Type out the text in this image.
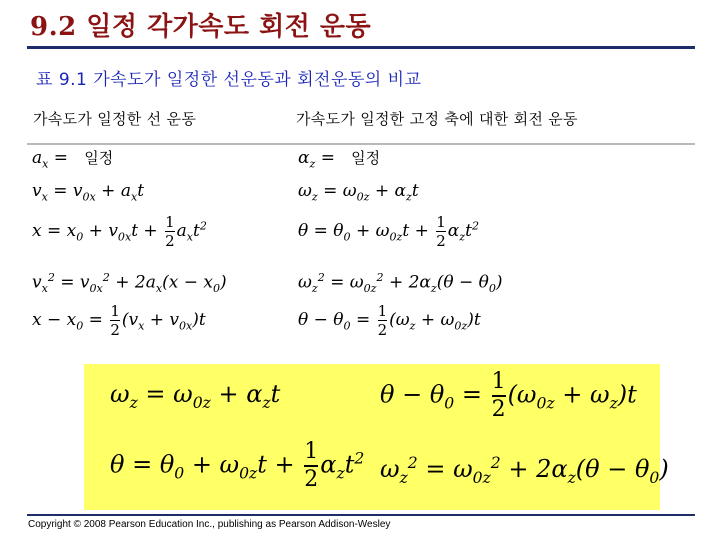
9.2 일정 각가속도 회전 운동
표 9.1 가속도가 일정한 선운동과 회전운동의 비교
가속도가 일정한 선 운동	가속도가 일정한 고정 축에 대한 회전 운동
$a_x$ =   일정
$v_x = v_{0x} + a_xt$
$x = x_0 + v_{0x}t + \frac{1}{2} a_xt^2$
$v_x^2 = v_{0x}^2 + 2a_x(x - x_0)$
$x - x_0 = \frac{1}{2} (v_x + v_{0x})t$
$\alpha_z$ =   일정
$\omega_z = \omega_{0z} + \alpha_zt$
$\theta = \theta_0 + \omega_{0z}t + \frac{1}{2} \alpha_zt^2$
$\omega_z^2 = \omega_{0z}^2 + 2\alpha_z(\theta - \theta_0)$
$\theta - \theta_0 = \frac{1}{2} (\omega_z + \omega_{0z})t$
$\omega_z = \omega_{0z} + \alpha_zt$	$\theta - \theta_0 = \frac{1}{2} (\omega_{0z} + \omega_z)t$
$\theta = \theta_0 + \omega_{0z}t + \frac{1}{2} \alpha_zt^2$ $\omega_z^2 = \omega_{0z}^2 + 2\alpha_z(\theta - \theta_0)$
Copyright © 2008 Pearson Education Inc., publishing as Pearson Addison-Wesley
